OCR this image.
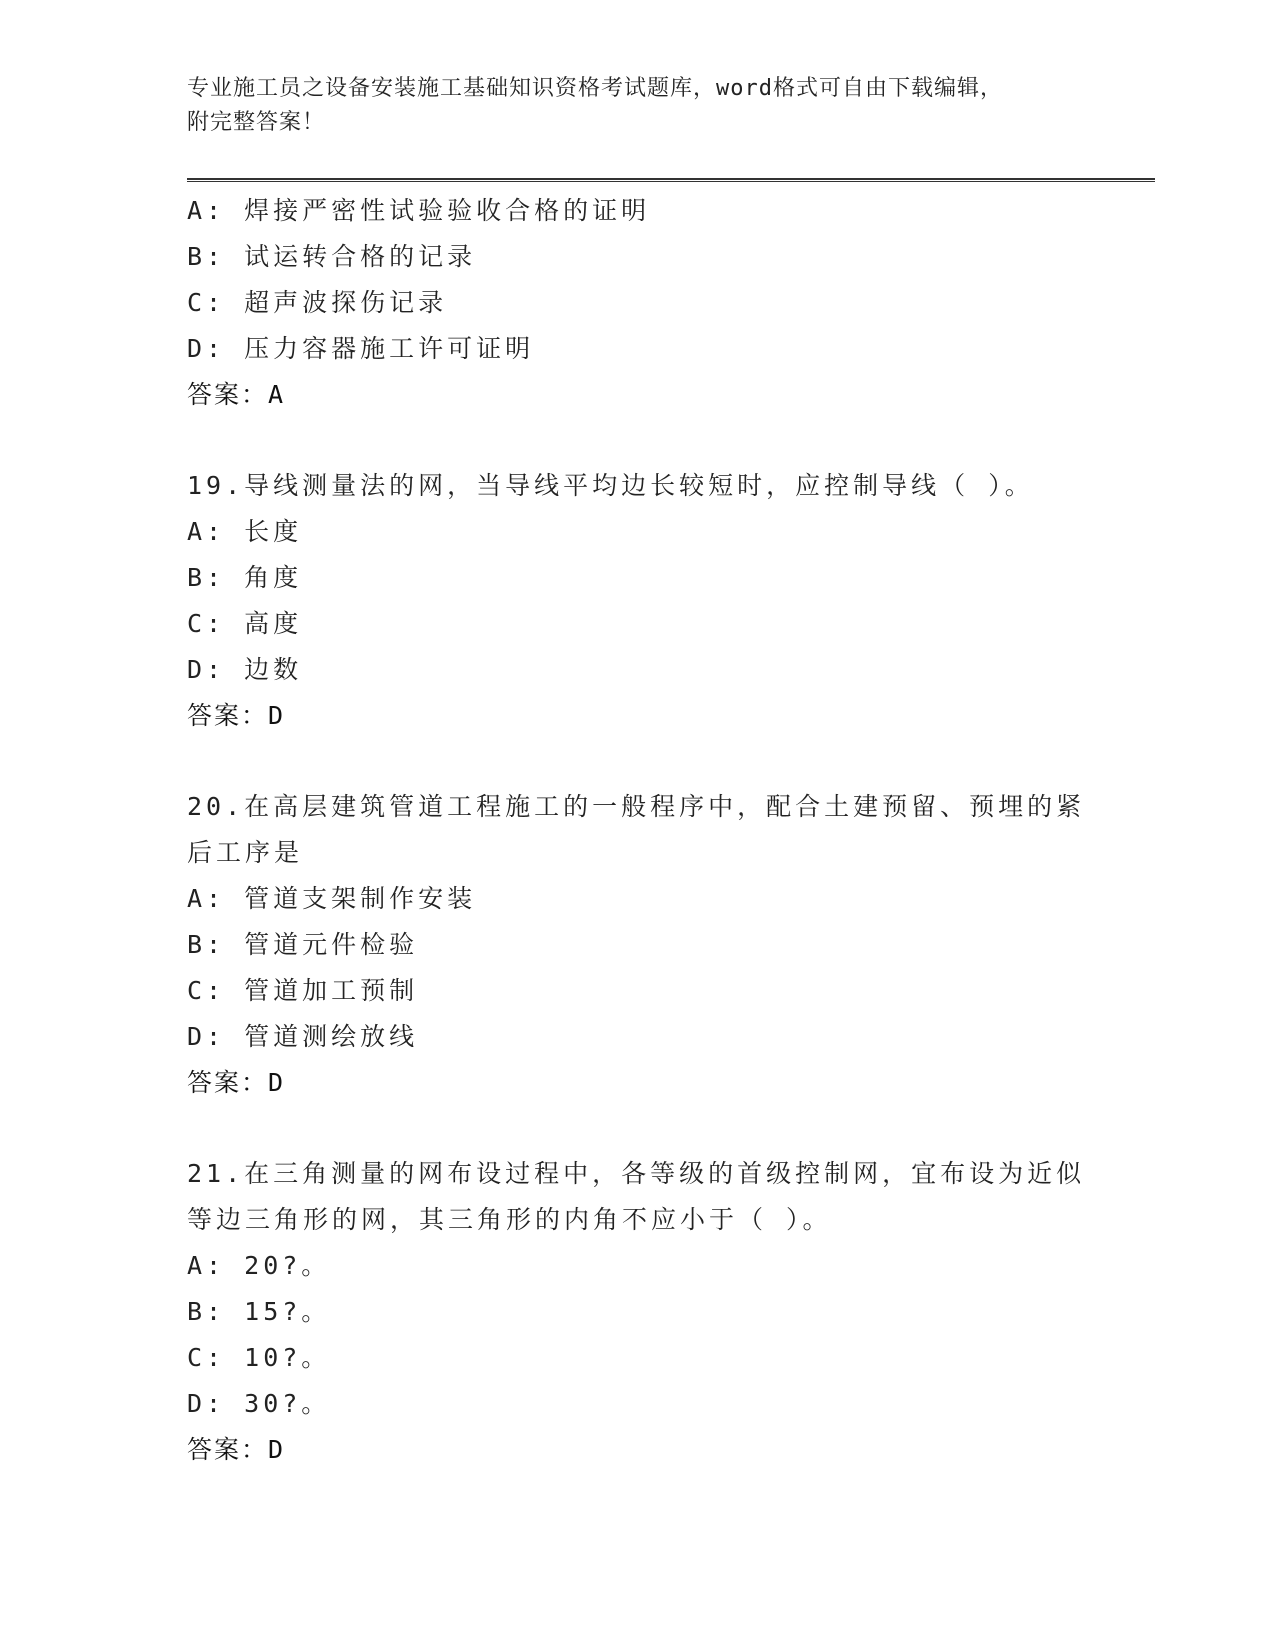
专业施工员之设备安装施工基础知识资格考试题库，word格式可自由下载编辑，
附完整答案！
A: 焊接严密性试验验收合格的证明
B: 试运转合格的记录
C: 超声波探伤记录
D: 压力容器施工许可证明
答案：A
19.导线测量法的网，当导线平均边长较短时，应控制导线（ ）。
A: 长度
B: 角度
C: 高度
D: 边数
答案：D
20.在高层建筑管道工程施工的一般程序中，配合土建预留、预埋的紧
后工序是
A: 管道支架制作安装
B: 管道元件检验
C: 管道加工预制
D: 管道测绘放线
答案：D
21.在三角测量的网布设过程中，各等级的首级控制网，宜布设为近似
等边三角形的网，其三角形的内角不应小于（ ）。
A: 20?。
B: 15?。
C: 10?。
D: 30?。
答案：D
